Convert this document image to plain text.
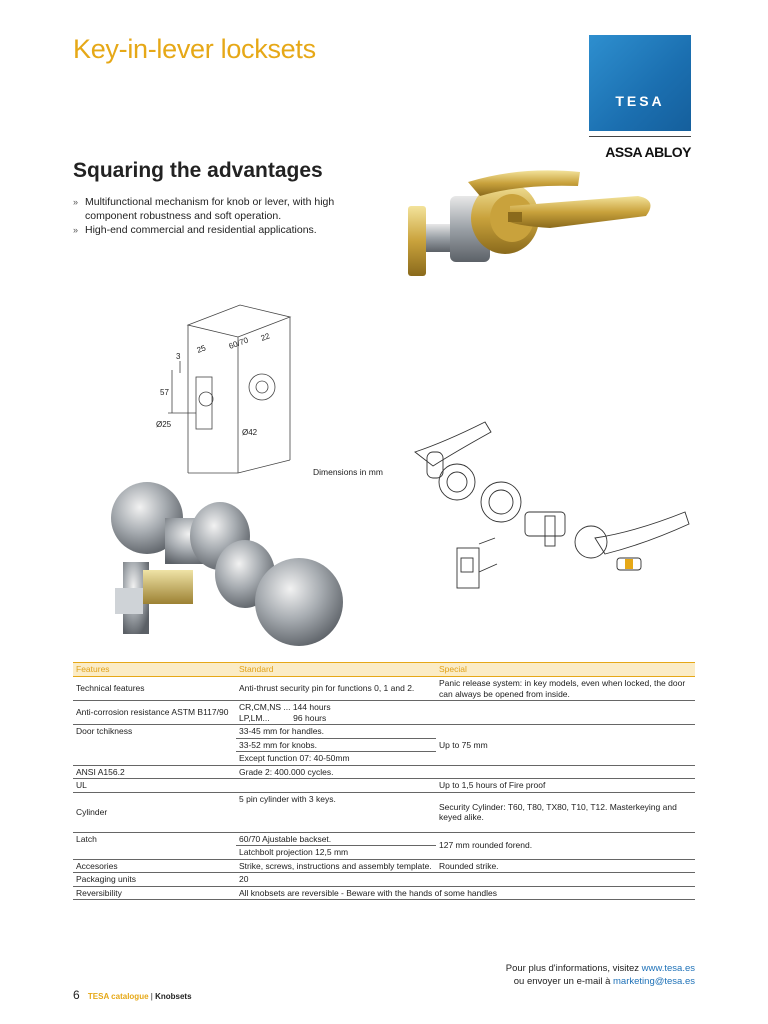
Key-in-lever locksets
TESA
ASSA ABLOY
Squaring the advantages
» Multifunctional mechanism for knob or lever, with high component robustness and soft operation.
» High-end commercial and residential applications.
3
25	60/70 22
57
Ø25
Ø42
Dimensions in mm
Features	Standard	Special
Technical features	Anti-thrust security pin for functions 0, 1 and 2.	Panic release system: in key models, even when locked, the door can always be opened from inside.
Anti-corrosion resistance ASTM B117/90	CR,CM,NS ... 144 hours
LP,LM...          96 hours	

Door tchikness	33-45 mm for handles.
33-52 mm for knobs.
Except function 07: 40-50mm	Up to 75 mm
ANSI A156.2	Grade 2: 400.000 cycles.	
UL		Up to 1,5 hours of Fire proof
Cylinder	5 pin cylinder with 3 keys.	Security Cylinder: T60, T80, TX80, T10, T12. Masterkeying and keyed alike.
Latch	60/70 Ajustable backset.
Latchbolt projection 12,5 mm	127 mm rounded forend.
Accesories	Strike, screws, instructions and assembly template.	Rounded strike.
Packaging units	20	
Reversibility	All knobsets are reversible - Beware with the hands of some handles	
Pour plus d'informations, visitez www.tesa.es
ou envoyer un e-mail à marketing@tesa.es
6 TESA catalogue | Knobsets
